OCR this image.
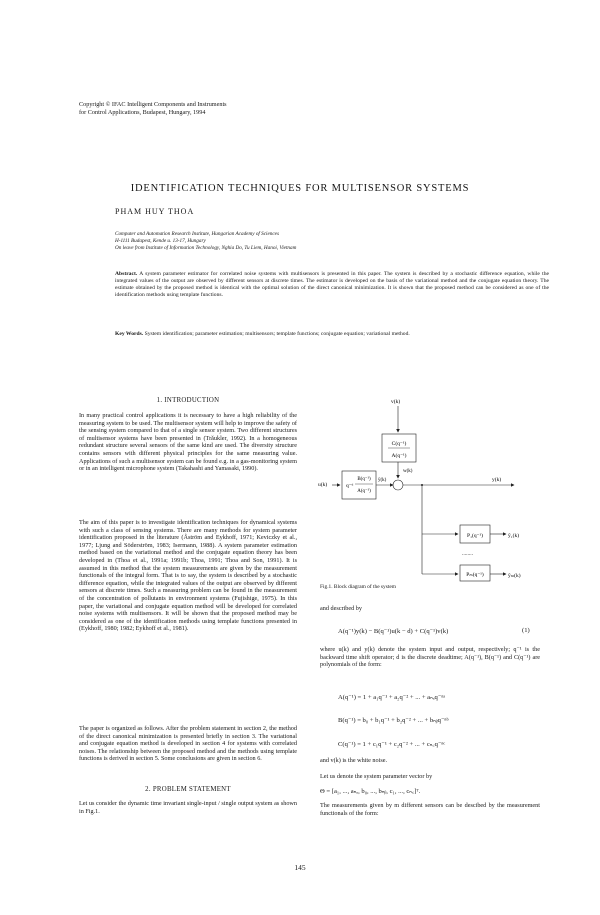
Copyright © IFAC Intelligent Components and Instruments
for Control Applications, Budapest, Hungary, 1994
IDENTIFICATION TECHNIQUES FOR MULTISENSOR SYSTEMS
PHAM HUY THOA
Computer and Automation Research Institute, Hungarian Academy of Sciences
H-1111 Budapest, Kende u. 13-17, Hungary
On leave from Institute of Information Technology, Nghia Do, Tu Liem, Hanoi, Vietnam
Abstract. A system parameter estimator for correlated noise systems with multisensors is presented in this paper. The system is described by a stochastic difference equation, while the integrated values of the output are observed by different sensors at discrete times. The estimator is developed on the basis of the variational method and the conjugate equation theory. The estimate obtained by the proposed method is identical with the optimal solution of the direct canonical minimization. It is shown that the proposed method can be considered as one of the identification methods using template functions.
Key Words. System identification; parameter estimation; multisensors; template functions; conjugate equation; variational method.
1. INTRODUCTION
In many practical control applications it is necessary to have a high reliability of the measuring system to be used. The multisensor system will help to improve the safety of the sensing system compared to that of a single sensor system. Two different structures of multisensor systems have been presented in (Trăukler, 1992). In a homogeneous redundant structure several sensors of the same kind are used. The diversity structure contains sensors with different physical principles for the same measuring value. Applications of such a multisensor system can be found e.g. in a gas-monitoring system or in an intelligent microphone system (Takahashi and Yamasaki, 1990).
The aim of this paper is to investigate identification techniques for dynamical systems with such a class of sensing systems. There are many methods for system parameter identification proposed in the literature (Åström and Eykhoff, 1971; Keviczky et al., 1977; Ljung and Söderström, 1983; Isermann, 1988). A system parameter estimation method based on the variational method and the conjugate equation theory has been developed in (Thoa et al., 1991a; 1991b; Thoa, 1991; Thoa and Son, 1991). It is assumed in this method that the system measurements are given by the measurement functionals of the integral form. That is to say, the system is described by a stochastic difference equation, while the integrated values of the output are observed by different sensors at discrete times. Such a measuring problem can be found in the measurement of the concentration of pollutants in environment systems (Fujishige, 1975). In this paper, the variational and conjugate equation method will be developed for correlated noise systems with multisensors. It will be shown that the proposed method may be considered as one of the identification methods using template functions presented in (Eykhoff, 1980; 1982; Eykhoff et al., 1981).
The paper is organized as follows. After the problem statement in section 2, the method of the direct canonical minimization is presented briefly in section 3. The variational and conjugate equation method is developed in section 4 for systems with correlated noises. The relationship between the proposed method and the methods using template functions is derived in section 5. Some conclusions are given in section 6.
2. PROBLEM STATEMENT
Let us consider the dynamic time invariant single-input / single output system as shown in Fig.1.
v(k)
C(q⁻¹)
A(q⁻¹)
w(k)
u(k)	q⁻ᵈ
B(q⁻¹)
A(q⁻¹)
ȳ(k)	y(k)
P₁(q⁻¹)	ỹ₁(k)
........
Pₘ(q⁻¹)	ỹₘ(k)
Fig.1. Block diagram of the system
and described by
A(q⁻¹)y(k) − B(q⁻¹)u(k − d) + C(q⁻¹)v(k)	(1)
where u(k) and y(k) denote the system input and output, respectively; q⁻¹ is the backward time shift operator; d is the discrete deadtime; A(q⁻¹), B(q⁻¹) and C(q⁻¹) are polynomials of the form:
A(q⁻¹) = 1 + a₁q⁻¹ + a₂q⁻² + ... + aₙₐq⁻ⁿᵃ
B(q⁻¹) = b₀ + b₁q⁻¹ + b₂q⁻² + ... + bₙᵦq⁻ⁿᵇ
C(q⁻¹) = 1 + c₁q⁻¹ + c₂q⁻² + ... + cₙ꜀q⁻ⁿᶜ
and v(k) is the white noise.
Let us denote the system parameter vector by
Θ = [a₁, ..., aₙₐ, b₀, ..., bₙᵦ, c₁, ..., cₙ꜀]ᵀ.
The measurements given by m different sensors can be descibed by the measurement functionals of the form:
145
